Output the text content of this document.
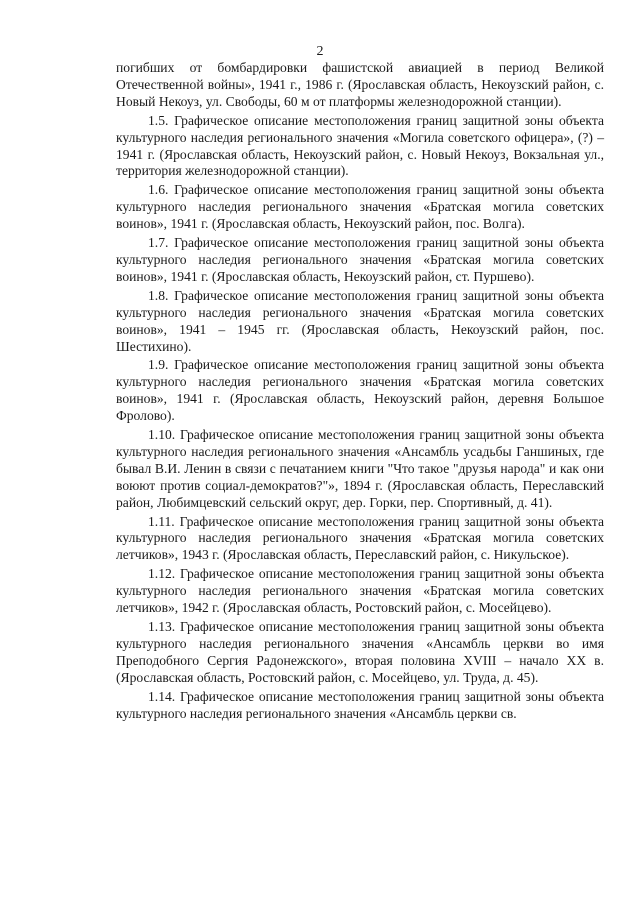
2

погибших от бомбардировки фашистской авиацией в период Великой Отечественной войны», 1941 г., 1986 г. (Ярославская область, Некоузский район, с. Новый Некоуз, ул. Свободы, 60 м от платформы железнодорожной станции).

1.5. Графическое описание местоположения границ защитной зоны объекта культурного наследия регионального значения «Могила советского офицера», (?) – 1941 г. (Ярославская область, Некоузский район, с. Новый Некоуз, Вокзальная ул., территория железнодорожной станции).

1.6. Графическое описание местоположения границ защитной зоны объекта культурного наследия регионального значения «Братская могила советских воинов», 1941 г. (Ярославская область, Некоузский район, пос. Волга).

1.7. Графическое описание местоположения границ защитной зоны объекта культурного наследия регионального значения «Братская могила советских воинов», 1941 г. (Ярославская область, Некоузский район, ст. Пуршево).

1.8. Графическое описание местоположения границ защитной зоны объекта культурного наследия регионального значения «Братская могила советских воинов», 1941 – 1945 гг. (Ярославская область, Некоузский район, пос. Шестихино).

1.9. Графическое описание местоположения границ защитной зоны объекта культурного наследия регионального значения «Братская могила советских воинов», 1941 г. (Ярославская область, Некоузский район, деревня Большое Фролово).

1.10. Графическое описание местоположения границ защитной зоны объекта культурного наследия регионального значения «Ансамбль усадьбы Ганшиных, где бывал В.И. Ленин в связи с печатанием книги "Что такое "друзья народа" и как они воюют против социал-демократов?"», 1894 г. (Ярославская область, Переславский район, Любимцевский сельский округ, дер. Горки, пер. Спортивный, д. 41).

1.11. Графическое описание местоположения границ защитной зоны объекта культурного наследия регионального значения «Братская могила советских летчиков», 1943 г. (Ярославская область, Переславский район, с. Никульское).

1.12. Графическое описание местоположения границ защитной зоны объекта культурного наследия регионального значения «Братская могила советских летчиков», 1942 г. (Ярославская область, Ростовский район, с. Мосейцево).

1.13. Графическое описание местоположения границ защитной зоны объекта культурного наследия регионального значения «Ансамбль церкви во имя Преподобного Сергия Радонежского», вторая половина XVIII – начало XX в. (Ярославская область, Ростовский район, с. Мосейцево, ул. Труда, д. 45).

1.14. Графическое описание местоположения границ защитной зоны объекта культурного наследия регионального значения «Ансамбль церкви св.
